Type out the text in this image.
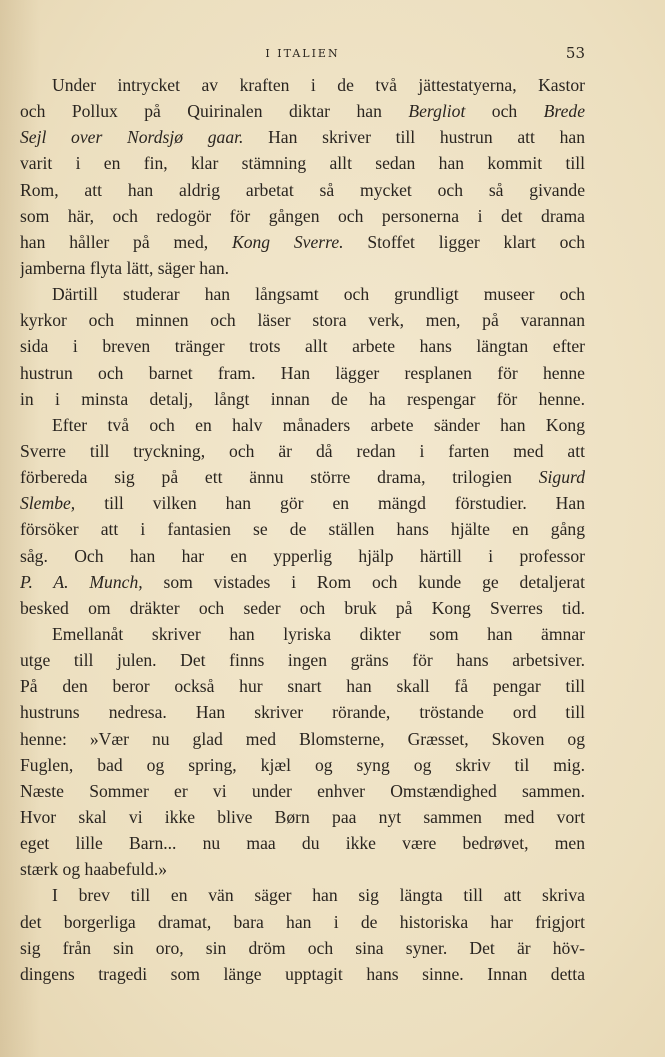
I ITALIEN	53
Under intrycket av kraften i de två jättestatyerna, Kastor
och Pollux på Quirinalen diktar han Bergliot och Brede
Sejl over Nordsjø gaar. Han skriver till hustrun att han
varit i en fin, klar stämning allt sedan han kommit till
Rom, att han aldrig arbetat så mycket och så givande
som här, och redogör för gången och personerna i det drama
han håller på med, Kong Sverre. Stoffet ligger klart och
jamberna flyta lätt, säger han.
Därtill studerar han långsamt och grundligt museer och
kyrkor och minnen och läser stora verk, men, på varannan
sida i breven tränger trots allt arbete hans längtan efter
hustrun och barnet fram. Han lägger resplanen för henne
in i minsta detalj, långt innan de ha respengar för henne.
Efter två och en halv månaders arbete sänder han Kong
Sverre till tryckning, och är då redan i farten med att
förbereda sig på ett ännu större drama, trilogien Sigurd
Slembe, till vilken han gör en mängd förstudier. Han
försöker att i fantasien se de ställen hans hjälte en gång
såg. Och han har en ypperlig hjälp härtill i professor
P. A. Munch, som vistades i Rom och kunde ge detaljerat
besked om dräkter och seder och bruk på Kong Sverres tid.
Emellanåt skriver han lyriska dikter som han ämnar
utge till julen. Det finns ingen gräns för hans arbetsiver.
På den beror också hur snart han skall få pengar till
hustruns nedresa. Han skriver rörande, tröstande ord till
henne: »Vær nu glad med Blomsterne, Græsset, Skoven og
Fuglen, bad og spring, kjæl og syng og skriv til mig.
Næste Sommer er vi under enhver Omstændighed sammen.
Hvor skal vi ikke blive Børn paa nyt sammen med vort
eget lille Barn... nu maa du ikke være bedrøvet, men
stærk og haabefuld.»
I brev till en vän säger han sig längta till att skriva
det borgerliga dramat, bara han i de historiska har frigjort
sig från sin oro, sin dröm och sina syner. Det är höv-
dingens tragedi som länge upptagit hans sinne. Innan detta
